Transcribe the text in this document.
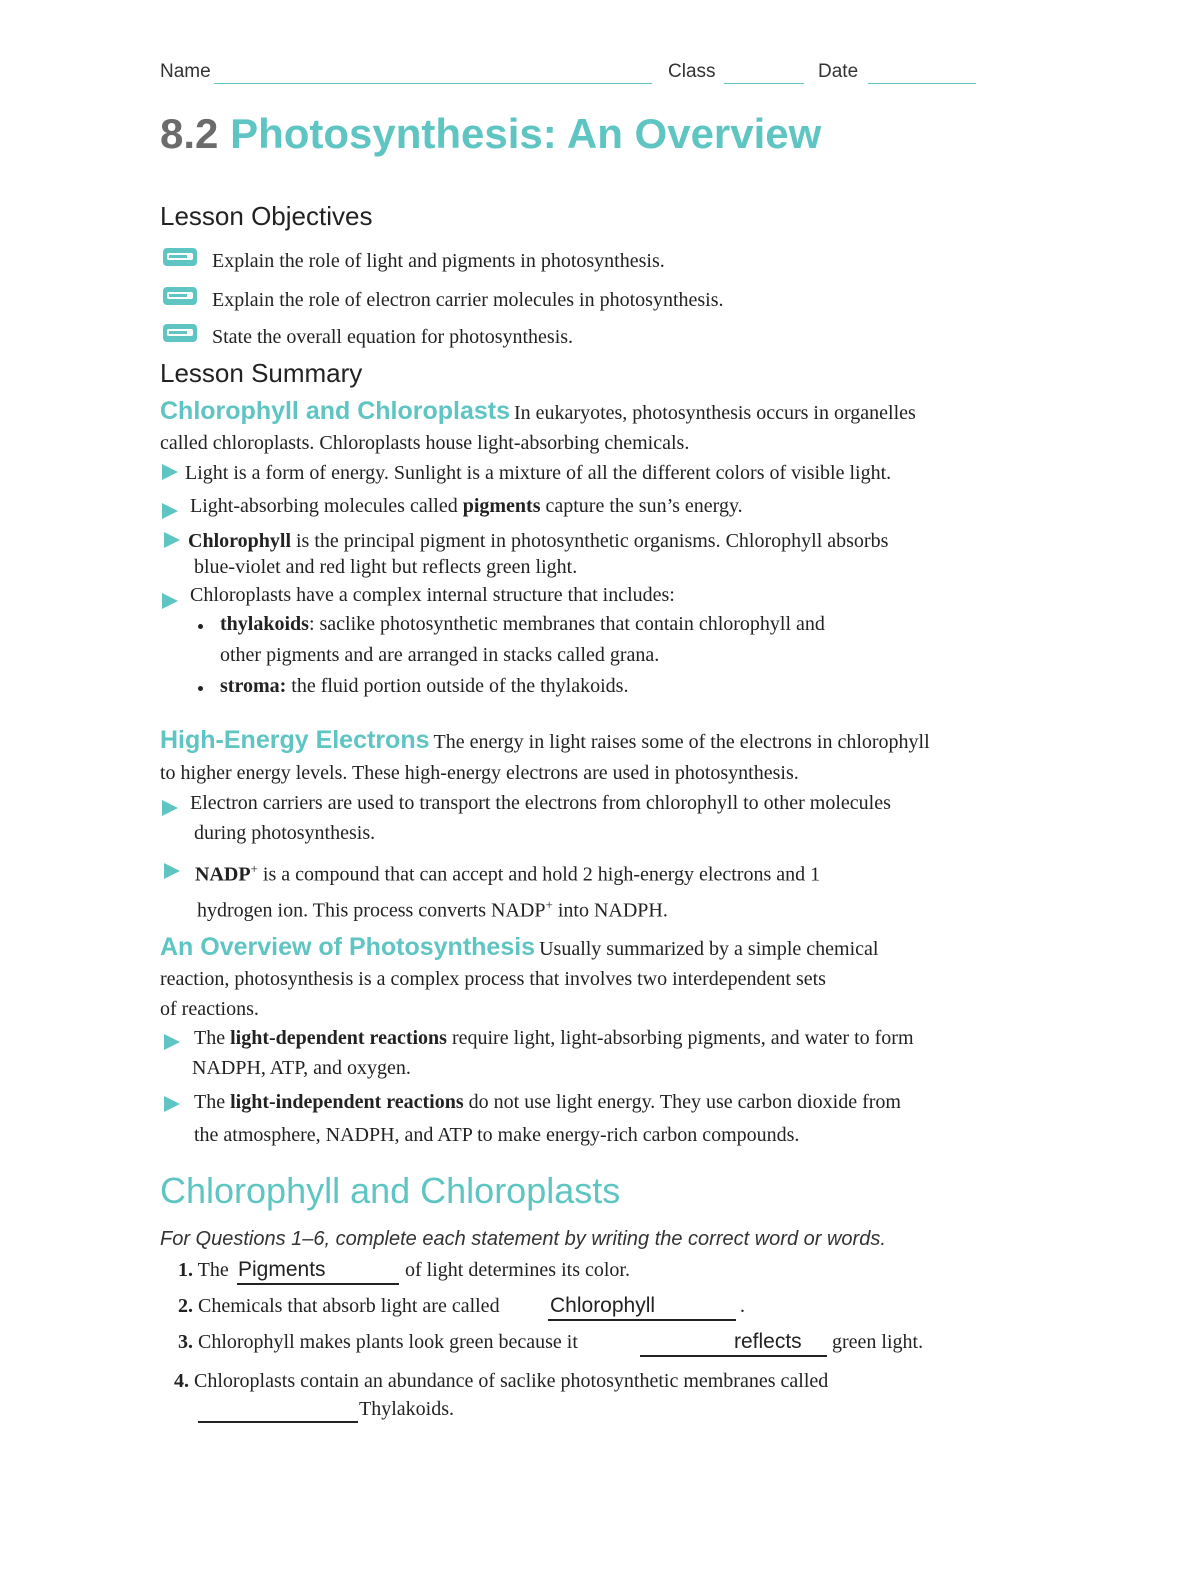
Name	Class	Date
8.2 Photosynthesis: An Overview
Lesson Objectives
Explain the role of light and pigments in photosynthesis.
Explain the role of electron carrier molecules in photosynthesis.
State the overall equation for photosynthesis.
Lesson Summary
Chlorophyll and Chloroplasts In eukaryotes, photosynthesis occurs in organelles
called chloroplasts. Chloroplasts house light-absorbing chemicals.
Light is a form of energy. Sunlight is a mixture of all the different colors of visible light.
Light-absorbing molecules called pigments capture the sun’s energy.
Chlorophyll is the principal pigment in photosynthetic organisms. Chlorophyll absorbs
blue-violet and red light but reflects green light.
Chloroplasts have a complex internal structure that includes:
thylakoids: saclike photosynthetic membranes that contain chlorophyll and
other pigments and are arranged in stacks called grana.
stroma: the fluid portion outside of the thylakoids.
High-Energy Electrons The energy in light raises some of the electrons in chlorophyll
to higher energy levels. These high-energy electrons are used in photosynthesis.
Electron carriers are used to transport the electrons from chlorophyll to other molecules
during photosynthesis.
NADP+ is a compound that can accept and hold 2 high-energy electrons and 1
hydrogen ion. This process converts NADP+ into NADPH.
An Overview of Photosynthesis Usually summarized by a simple chemical
reaction, photosynthesis is a complex process that involves two interdependent sets
of reactions.
The light-dependent reactions require light, light-absorbing pigments, and water to form
NADPH, ATP, and oxygen.
The light-independent reactions do not use light energy. They use carbon dioxide from
the atmosphere, NADPH, and ATP to make energy-rich carbon compounds.
Chlorophyll and Chloroplasts
For Questions 1–6, complete each statement by writing the correct word or words.
1. The Pigments	of light determines its color.
2. Chemicals that absorb light are called Chlorophyll	.
3. Chlorophyll makes plants look green because it	reflects green light.
4. Chloroplasts contain an abundance of saclike photosynthetic membranes called
Thylakoids.
